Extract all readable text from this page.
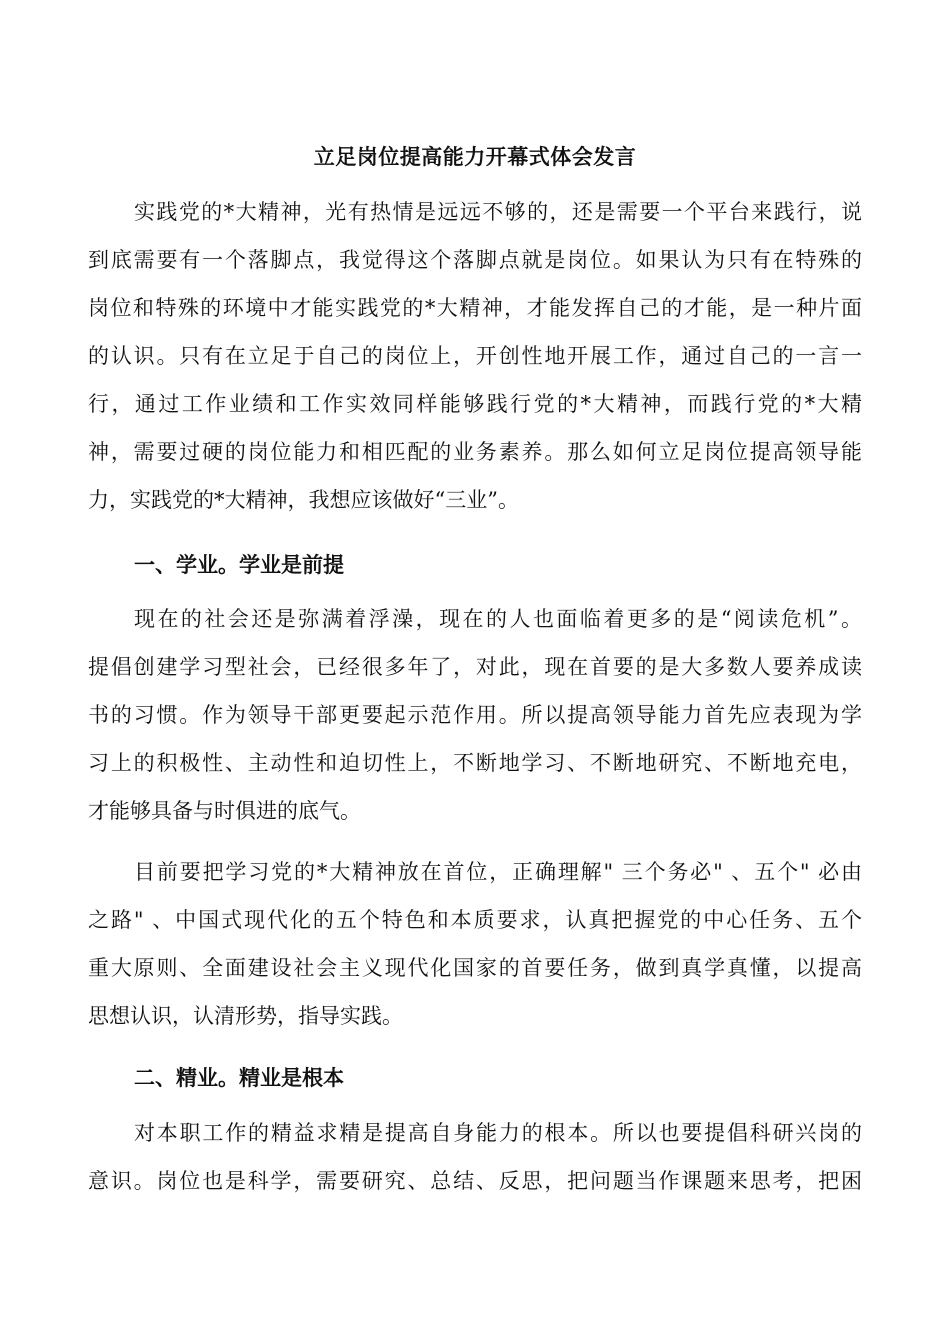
立足岗位提高能力开幕式体会发言
实践党的*大精神，光有热情是远远不够的，还是需要一个平台来践行，说
到底需要有一个落脚点，我觉得这个落脚点就是岗位。如果认为只有在特殊的
岗位和特殊的环境中才能实践党的*大精神，才能发挥自己的才能，是一种片面
的认识。只有在立足于自己的岗位上，开创性地开展工作，通过自己的一言一
行，通过工作业绩和工作实效同样能够践行党的*大精神，而践行党的*大精
神，需要过硬的岗位能力和相匹配的业务素养。那么如何立足岗位提高领导能
力，实践党的*大精神，我想应该做好“三业”。
一、学业。学业是前提
现在的社会还是弥满着浮澡，现在的人也面临着更多的是“阅读危机”。
提倡创建学习型社会，已经很多年了，对此，现在首要的是大多数人要养成读
书的习惯。作为领导干部更要起示范作用。所以提高领导能力首先应表现为学
习上的积极性、主动性和迫切性上，不断地学习、不断地研究、不断地充电，
才能够具备与时俱进的底气。
目前要把学习党的*大精神放在首位，正确理解" 三个务必" 、五个" 必由
之路" 、中国式现代化的五个特色和本质要求，认真把握党的中心任务、五个
重大原则、全面建设社会主义现代化国家的首要任务，做到真学真懂，以提高
思想认识，认清形势，指导实践。
二、精业。精业是根本
对本职工作的精益求精是提高自身能力的根本。所以也要提倡科研兴岗的
意识。岗位也是科学，需要研究、总结、反思，把问题当作课题来思考，把困
